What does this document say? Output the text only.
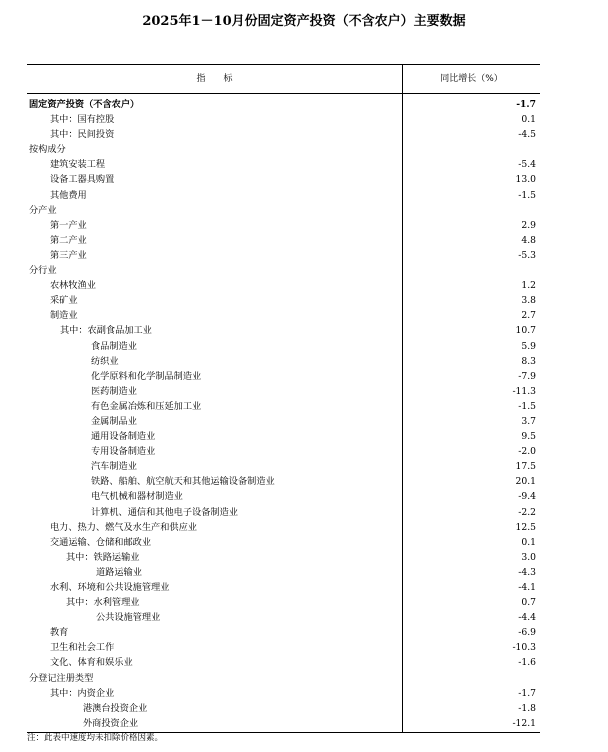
2025年1－10月份固定资产投资（不含农户）主要数据
指　　标	同比增长（%）
固定资产投资（不含农户）	-1.7
其中：国有控股	0.1
其中：民间投资	-4.5
按构成分
建筑安装工程	-5.4
设备工器具购置	13.0
其他费用	-1.5
分产业
第一产业	2.9
第二产业	4.8
第三产业	-5.3
分行业
农林牧渔业	1.2
采矿业	3.8
制造业	2.7
其中：农副食品加工业	10.7
食品制造业	5.9
纺织业	8.3
化学原料和化学制品制造业	-7.9
医药制造业	-11.3
有色金属冶炼和压延加工业	-1.5
金属制品业	3.7
通用设备制造业	9.5
专用设备制造业	-2.0
汽车制造业	17.5
铁路、船舶、航空航天和其他运输设备制造业	20.1
电气机械和器材制造业	-9.4
计算机、通信和其他电子设备制造业	-2.2
电力、热力、燃气及水生产和供应业	12.5
交通运输、仓储和邮政业	0.1
其中：铁路运输业	3.0
道路运输业	-4.3
水利、环境和公共设施管理业	-4.1
其中：水利管理业	0.7
公共设施管理业	-4.4
教育	-6.9
卫生和社会工作	-10.3
文化、体育和娱乐业	-1.6
分登记注册类型
其中：内资企业	-1.7
港澳台投资企业	-1.8
外商投资企业	-12.1
注：此表中速度均未扣除价格因素。
